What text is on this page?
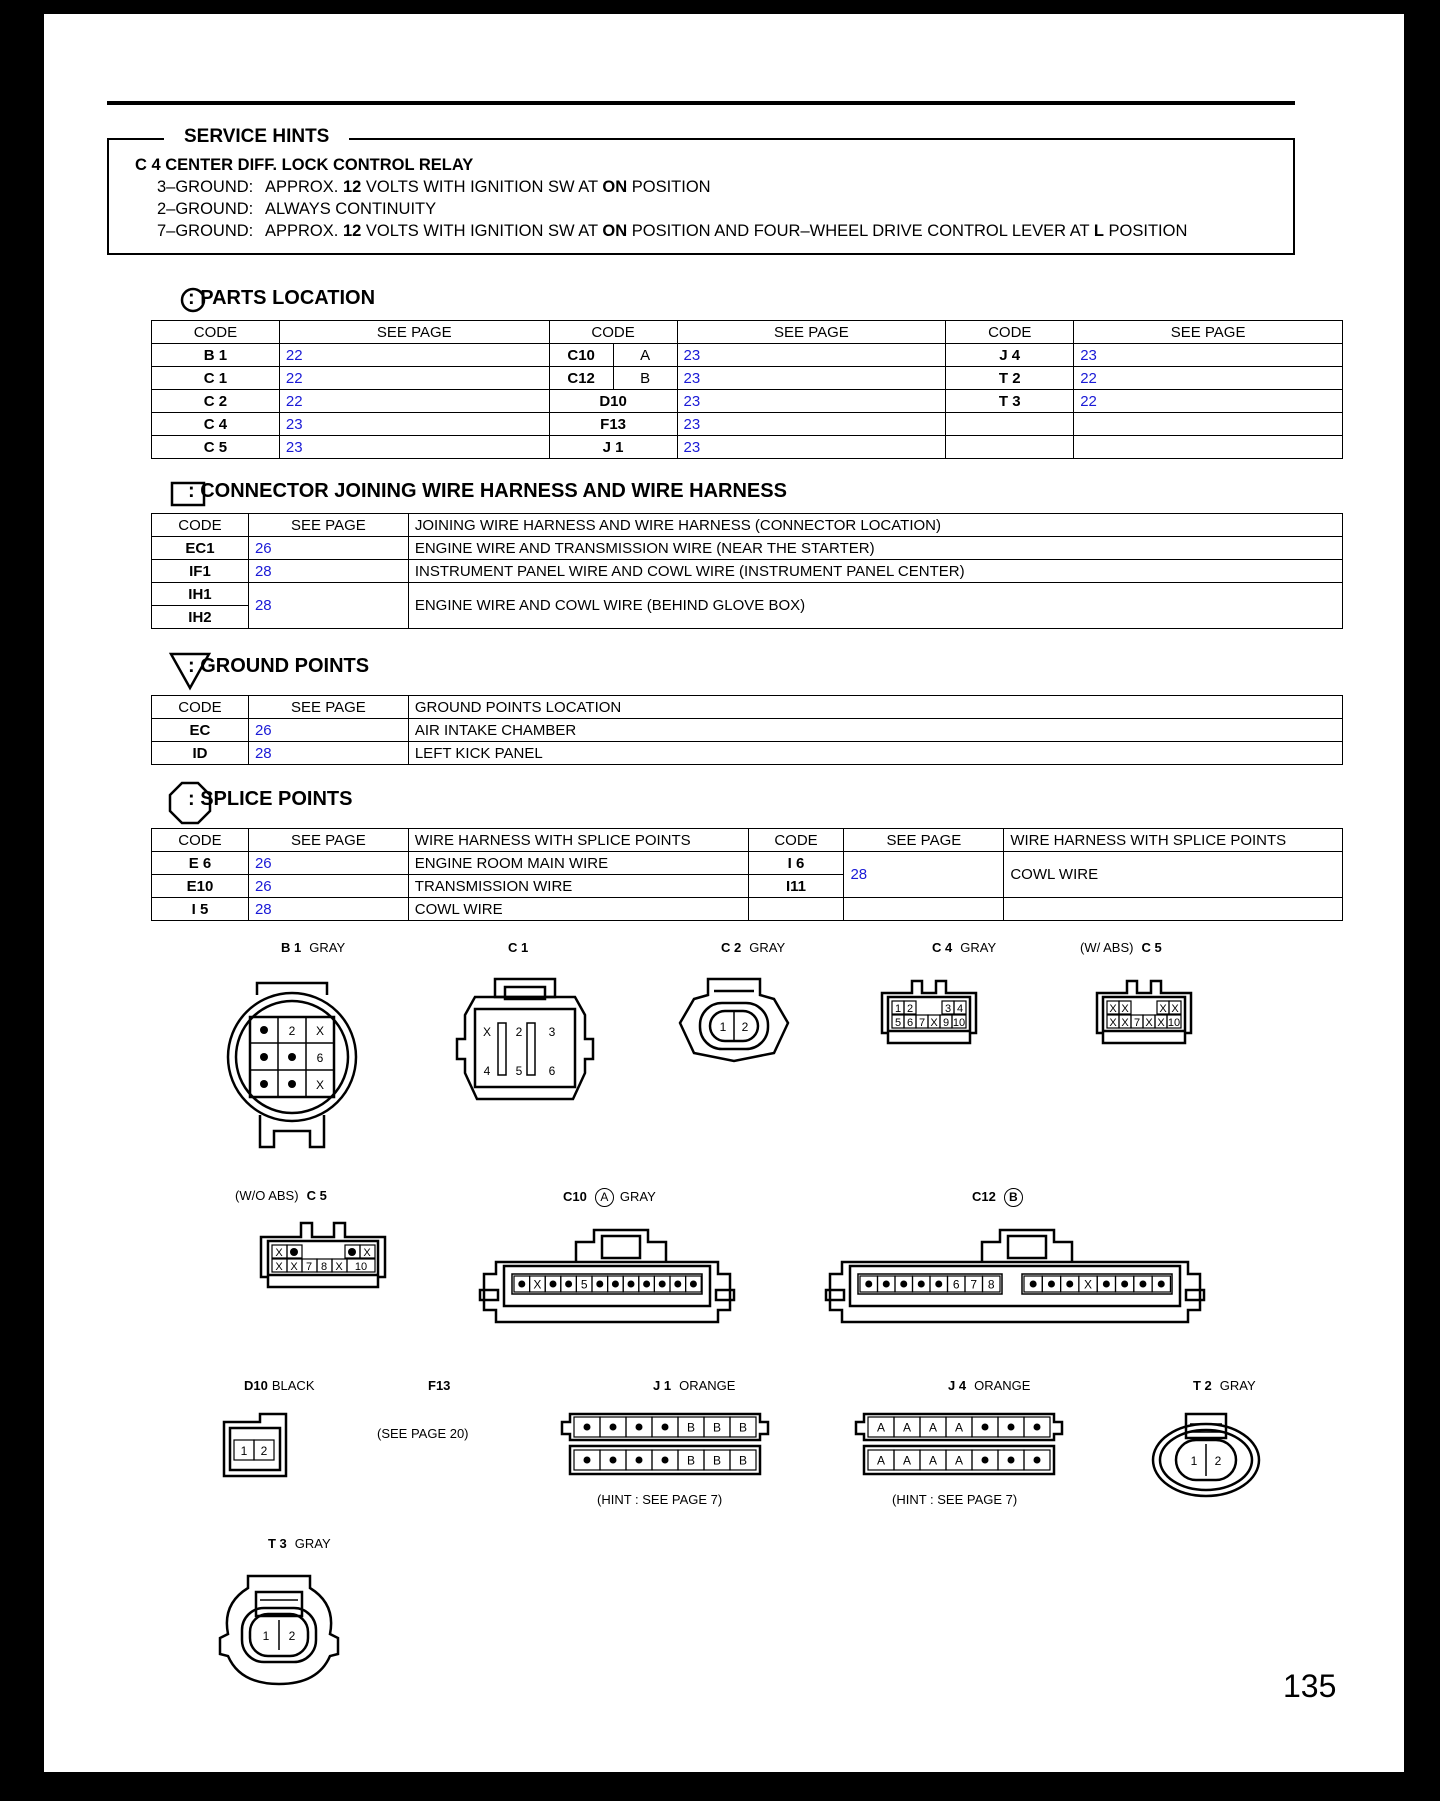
SERVICE HINTS
C 4 CENTER DIFF. LOCK CONTROL RELAY
3–GROUND: APPROX. 12 VOLTS WITH IGNITION SW AT ON POSITION
2–GROUND: ALWAYS CONTINUITY
7–GROUND: APPROX. 12 VOLTS WITH IGNITION SW AT ON POSITION AND FOUR–WHEEL DRIVE CONTROL LEVER AT L POSITION
: PARTS LOCATION
CODE	SEE PAGE	CODE		SEE PAGE	CODE	SEE PAGE
B 1	22	C10	A	23	J 4	23
C 1	22	C12	B	23	T 2	22
C 2	22	D10		23	T 3	22
C 4	23	F13		23		
C 5	23	J 1		23		
: CONNECTOR JOINING WIRE HARNESS AND WIRE HARNESS
CODE	SEE PAGE	JOINING WIRE HARNESS AND WIRE HARNESS (CONNECTOR LOCATION)
EC1	26	ENGINE WIRE AND TRANSMISSION WIRE (NEAR THE STARTER)
IF1	28	INSTRUMENT PANEL WIRE AND COWL WIRE (INSTRUMENT PANEL CENTER)
IH1	28	ENGINE WIRE AND COWL WIRE (BEHIND GLOVE BOX)
IH2		
: GROUND POINTS
CODE	SEE PAGE	GROUND POINTS LOCATION
EC	26	AIR INTAKE CHAMBER
ID	28	LEFT KICK PANEL
: SPLICE POINTS
CODE	SEE PAGE	WIRE HARNESS WITH SPLICE POINTS	CODE	SEE PAGE	WIRE HARNESS WITH SPLICE POINTS
E 6	26	ENGINE ROOM MAIN WIRE	I 6	28	COWL WIRE
E10	26	TRANSMISSION WIRE	I11		
I 5	28	COWL WIRE			
B 1 GRAY	C 1	C 2 GRAY	C 4 GRAY	(W/ ABS) C 5
(W/O ABS) C 5	C10 A GRAY	C12 B
D10 BLACK	F13
(SEE PAGE 20)
J 1 ORANGE	J 4 ORANGE	T 2 GRAY
(HINT : SEE PAGE 7)	(HINT : SEE PAGE 7)
T 3 GRAY
2 X
6
X
X 2 3
4 5 6
1 2
1 2	3 4
5 6 7 X 9 10
X X	X X
X X 7 X X 10
X	X
X X 7 8 X 10
X	5	6 7 8	X
1 2
B B B
B B B
A A A A
A A A A	1 2
1 2
135
